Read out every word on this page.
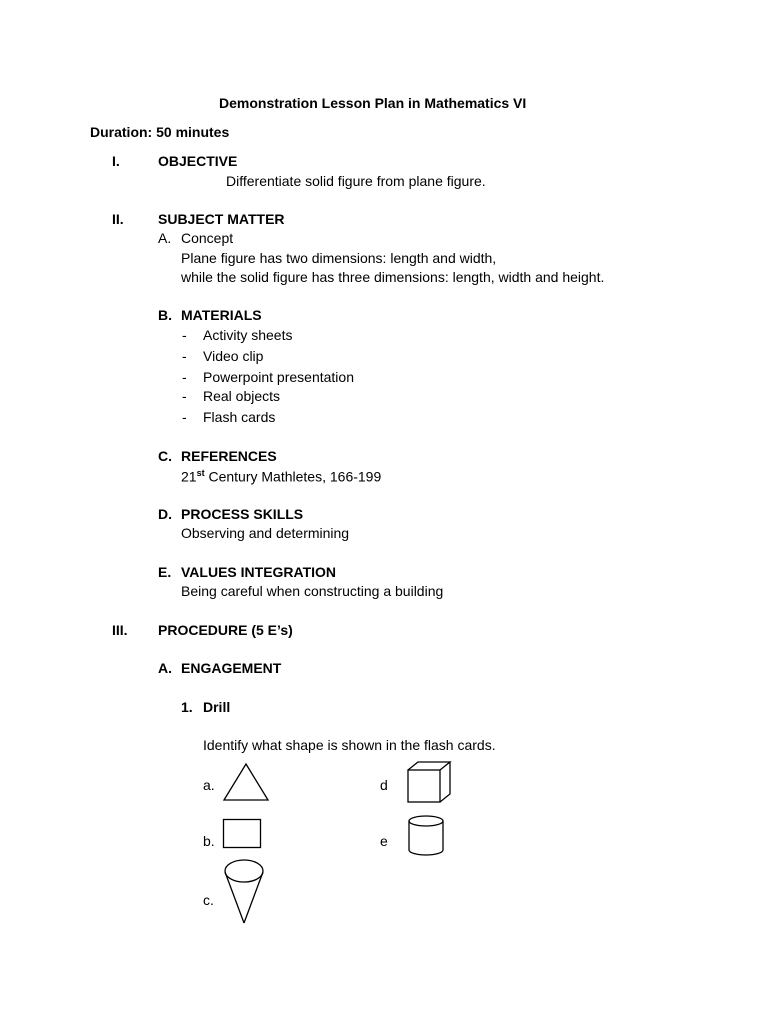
Demonstration Lesson Plan in Mathematics VI
Duration: 50 minutes
I.	OBJECTIVE
Differentiate solid figure from plane figure.
II. SUBJECT MATTER
A. Concept
Plane figure has two dimensions: length and width,
while the solid figure has three dimensions: length, width and height.
B. MATERIALS
- Activity sheets
- Video clip
- Powerpoint presentation
- Real objects
- Flash cards
C. REFERENCES
21st Century Mathletes, 166-199
D. PROCESS SKILLS
Observing and determining
E. VALUES INTEGRATION
Being careful when constructing a building
III. PROCEDURE (5 E’s)
A. ENGAGEMENT
1. Drill
Identify what shape is shown in the flash cards.
a.
b.
c.
d
e
